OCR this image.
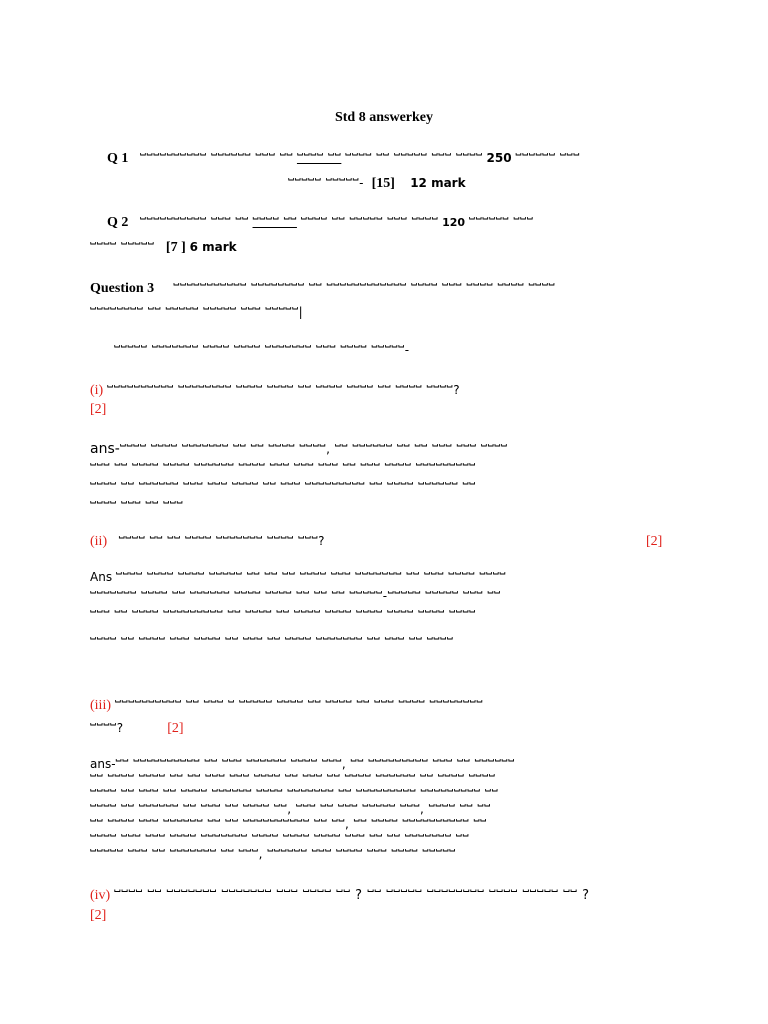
Std 8 answerkey
Q 1 ⵯⵯⵯⵯⵯⵯⵯⵯⵯⵯ ⵯⵯⵯⵯⵯⵯ ⵯⵯⵯ ⵯⵯ ⵯⵯⵯⵯ ⵯⵯ ⵯⵯⵯⵯ ⵯⵯ ⵯⵯⵯⵯⵯ ⵯⵯⵯ ⵯⵯⵯⵯ 250 ⵯⵯⵯⵯⵯⵯ ⵯⵯⵯ
ⵯⵯⵯⵯⵯ ⵯⵯⵯⵯⵯ- [15] 12 mark
Q 2 ⵯⵯⵯⵯⵯⵯⵯⵯⵯⵯ ⵯⵯⵯ ⵯⵯ ⵯⵯⵯⵯ ⵯⵯ ⵯⵯⵯⵯ ⵯⵯ ⵯⵯⵯⵯⵯ ⵯⵯⵯ ⵯⵯⵯⵯ 120 ⵯⵯⵯⵯⵯⵯ ⵯⵯⵯ
ⵯⵯⵯⵯ ⵯⵯⵯⵯⵯ [7 ] 6 mark
Question 3 ⵯⵯⵯⵯⵯⵯⵯⵯⵯⵯⵯ ⵯⵯⵯⵯⵯⵯⵯⵯ ⵯⵯ ⵯⵯⵯⵯⵯⵯⵯⵯⵯⵯⵯⵯ ⵯⵯⵯⵯ ⵯⵯⵯ ⵯⵯⵯⵯ ⵯⵯⵯⵯ ⵯⵯⵯⵯ
ⵯⵯⵯⵯⵯⵯⵯⵯ ⵯⵯ ⵯⵯⵯⵯⵯ ⵯⵯⵯⵯⵯ ⵯⵯⵯ ⵯⵯⵯⵯⵯ|
ⵯⵯⵯⵯⵯ ⵯⵯⵯⵯⵯⵯⵯ ⵯⵯⵯⵯ ⵯⵯⵯⵯ ⵯⵯⵯⵯⵯⵯⵯ ⵯⵯⵯ ⵯⵯⵯⵯ ⵯⵯⵯⵯⵯ-
(i) ⵯⵯⵯⵯⵯⵯⵯⵯⵯⵯ ⵯⵯⵯⵯⵯⵯⵯⵯ ⵯⵯⵯⵯ ⵯⵯⵯⵯ ⵯⵯ ⵯⵯⵯⵯ ⵯⵯⵯⵯ ⵯⵯ ⵯⵯⵯⵯ ⵯⵯⵯⵯ?
[2]
ans-ⵯⵯⵯⵯ ⵯⵯⵯⵯ ⵯⵯⵯⵯⵯⵯⵯ ⵯⵯ ⵯⵯ ⵯⵯⵯⵯ ⵯⵯⵯⵯ, ⵯⵯ ⵯⵯⵯⵯⵯⵯ ⵯⵯ ⵯⵯ ⵯⵯⵯ ⵯⵯⵯ ⵯⵯⵯⵯ
ⵯⵯⵯ ⵯⵯ ⵯⵯⵯⵯ ⵯⵯⵯⵯ ⵯⵯⵯⵯⵯⵯ ⵯⵯⵯⵯ ⵯⵯⵯ ⵯⵯⵯ ⵯⵯⵯ ⵯⵯ ⵯⵯⵯ ⵯⵯⵯⵯ ⵯⵯⵯⵯⵯⵯⵯⵯⵯ
ⵯⵯⵯⵯ ⵯⵯ ⵯⵯⵯⵯⵯⵯ ⵯⵯⵯ ⵯⵯⵯ ⵯⵯⵯⵯ ⵯⵯ ⵯⵯⵯ ⵯⵯⵯⵯⵯⵯⵯⵯⵯ ⵯⵯ ⵯⵯⵯⵯ ⵯⵯⵯⵯⵯⵯ ⵯⵯ
ⵯⵯⵯⵯ ⵯⵯⵯ ⵯⵯ ⵯⵯⵯ
(ii) ⵯⵯⵯⵯ ⵯⵯ ⵯⵯ ⵯⵯⵯⵯ ⵯⵯⵯⵯⵯⵯⵯ ⵯⵯⵯⵯ ⵯⵯⵯ?	[2]
Ans ⵯⵯⵯⵯ ⵯⵯⵯⵯ ⵯⵯⵯⵯ ⵯⵯⵯⵯⵯ ⵯⵯ ⵯⵯ ⵯⵯ ⵯⵯⵯⵯ ⵯⵯⵯ ⵯⵯⵯⵯⵯⵯⵯ ⵯⵯ ⵯⵯⵯ ⵯⵯⵯⵯ ⵯⵯⵯⵯ
ⵯⵯⵯⵯⵯⵯⵯ ⵯⵯⵯⵯ ⵯⵯ ⵯⵯⵯⵯⵯⵯ ⵯⵯⵯⵯ ⵯⵯⵯⵯ ⵯⵯ ⵯⵯ ⵯⵯ ⵯⵯⵯⵯⵯ-ⵯⵯⵯⵯⵯ ⵯⵯⵯⵯⵯ ⵯⵯⵯ ⵯⵯ
ⵯⵯⵯ ⵯⵯ ⵯⵯⵯⵯ ⵯⵯⵯⵯⵯⵯⵯⵯⵯ ⵯⵯ ⵯⵯⵯⵯ ⵯⵯ ⵯⵯⵯⵯ ⵯⵯⵯⵯ ⵯⵯⵯⵯ ⵯⵯⵯⵯ ⵯⵯⵯⵯ ⵯⵯⵯⵯ
ⵯⵯⵯⵯ ⵯⵯ ⵯⵯⵯⵯ ⵯⵯⵯ ⵯⵯⵯⵯ ⵯⵯ ⵯⵯⵯ ⵯⵯ ⵯⵯⵯⵯ ⵯⵯⵯⵯⵯⵯⵯ ⵯⵯ ⵯⵯⵯ ⵯⵯ ⵯⵯⵯⵯ
(iii) ⵯⵯⵯⵯⵯⵯⵯⵯⵯⵯ ⵯⵯ ⵯⵯⵯ ⵯ ⵯⵯⵯⵯⵯ ⵯⵯⵯⵯ ⵯⵯ ⵯⵯⵯⵯ ⵯⵯ ⵯⵯⵯ ⵯⵯⵯⵯ ⵯⵯⵯⵯⵯⵯⵯⵯ
ⵯⵯⵯⵯ?	[2]
ans-ⵯⵯ ⵯⵯⵯⵯⵯⵯⵯⵯⵯⵯ ⵯⵯ ⵯⵯⵯ ⵯⵯⵯⵯⵯⵯ ⵯⵯⵯⵯ ⵯⵯⵯ, ⵯⵯ ⵯⵯⵯⵯⵯⵯⵯⵯⵯ ⵯⵯⵯ ⵯⵯ ⵯⵯⵯⵯⵯⵯ
ⵯⵯ ⵯⵯⵯⵯ ⵯⵯⵯⵯ ⵯⵯ ⵯⵯ ⵯⵯⵯ ⵯⵯⵯ ⵯⵯⵯⵯ ⵯⵯ ⵯⵯⵯ ⵯⵯ ⵯⵯⵯⵯ ⵯⵯⵯⵯⵯⵯ ⵯⵯ ⵯⵯⵯⵯ ⵯⵯⵯⵯ
ⵯⵯⵯⵯ ⵯⵯ ⵯⵯⵯ ⵯⵯ ⵯⵯⵯⵯ ⵯⵯⵯⵯⵯⵯ ⵯⵯⵯⵯ ⵯⵯⵯⵯⵯⵯⵯ ⵯⵯ ⵯⵯⵯⵯⵯⵯⵯⵯⵯ ⵯⵯⵯⵯⵯⵯⵯⵯⵯ ⵯⵯ
ⵯⵯⵯⵯ ⵯⵯ ⵯⵯⵯⵯⵯⵯ ⵯⵯ ⵯⵯⵯ ⵯⵯ ⵯⵯⵯⵯ ⵯⵯ, ⵯⵯⵯ ⵯⵯ ⵯⵯⵯ ⵯⵯⵯⵯⵯ ⵯⵯⵯ, ⵯⵯⵯⵯ ⵯⵯ ⵯⵯ
ⵯⵯ ⵯⵯⵯⵯ ⵯⵯⵯ ⵯⵯⵯⵯⵯⵯ ⵯⵯ ⵯⵯ ⵯⵯⵯⵯⵯⵯⵯⵯⵯⵯ ⵯⵯ ⵯⵯ, ⵯⵯ ⵯⵯⵯⵯ ⵯⵯⵯⵯⵯⵯⵯⵯⵯⵯ ⵯⵯ
ⵯⵯⵯⵯ ⵯⵯⵯ ⵯⵯⵯ ⵯⵯⵯⵯ ⵯⵯⵯⵯⵯⵯⵯ ⵯⵯⵯⵯ ⵯⵯⵯⵯ ⵯⵯⵯⵯ ⵯⵯⵯ ⵯⵯ ⵯⵯ ⵯⵯⵯⵯⵯⵯⵯ ⵯⵯ
ⵯⵯⵯⵯⵯ ⵯⵯⵯ ⵯⵯ ⵯⵯⵯⵯⵯⵯⵯ ⵯⵯ ⵯⵯⵯ, ⵯⵯⵯⵯⵯⵯ ⵯⵯⵯ ⵯⵯⵯⵯ ⵯⵯⵯ ⵯⵯⵯⵯ ⵯⵯⵯⵯⵯ
(iv) ⵯⵯⵯⵯ ⵯⵯ ⵯⵯⵯⵯⵯⵯⵯ ⵯⵯⵯⵯⵯⵯⵯ ⵯⵯⵯ ⵯⵯⵯⵯ ⵯⵯ ? ⵯⵯ ⵯⵯⵯⵯⵯ ⵯⵯⵯⵯⵯⵯⵯⵯ ⵯⵯⵯⵯ ⵯⵯⵯⵯⵯ ⵯⵯ ?
[2]
